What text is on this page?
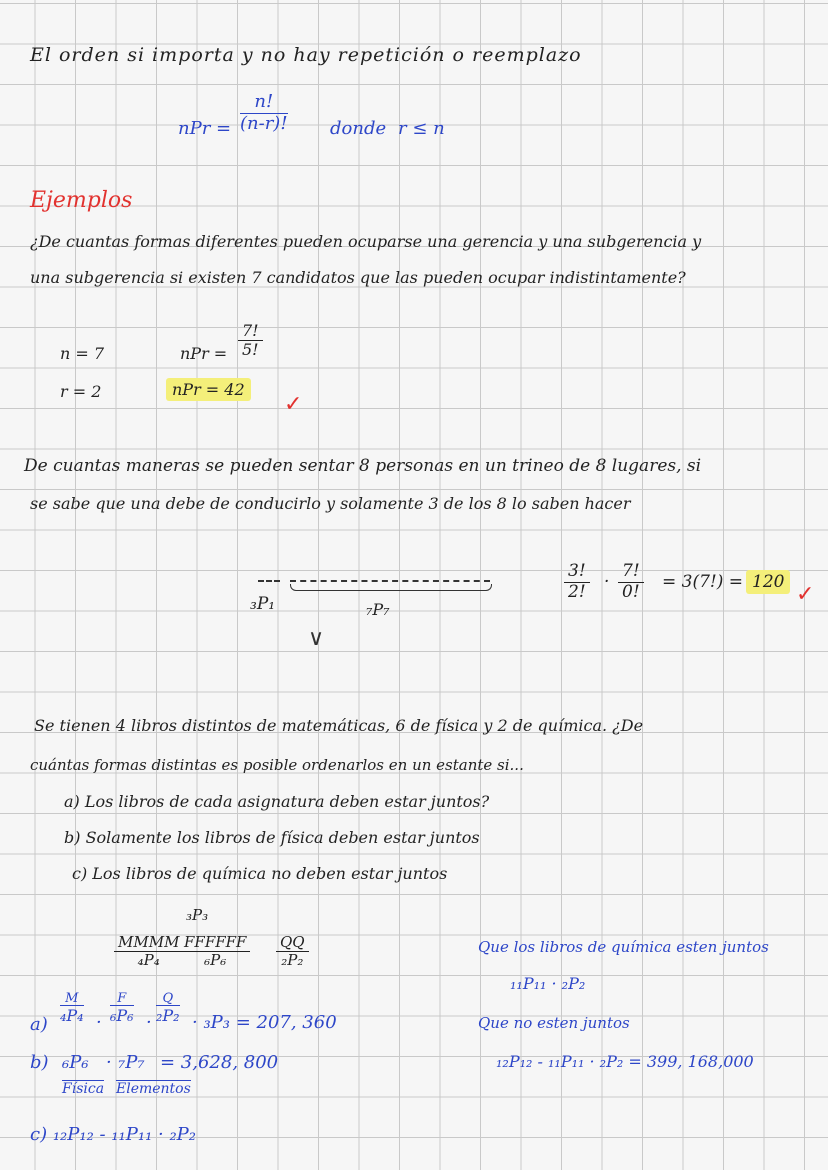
El orden si importa y no hay repetición o reemplazo
nPr = $\frac{n!}{(n-r)!}$ donde r ≤ n
Ejemplos
¿De cuantas formas diferentes pueden ocuparse una gerencia y una subgerencia y
una subgerencia si existen 7 candidatos que las pueden ocupar indistintamente?
n = 7
r = 2
nPr = $\frac{7!}{5!}$
nPr = 42
✓
De cuantas maneras se pueden sentar 8 personas en un trineo de 8 lugares, si
se sabe que una debe de conducirlo y solamente 3 de los 8 lo saben hacer
₃P₁	₇P₇
∨
$\frac{3!}{2!} \cdot \frac{7!}{0!} = 3(7!) = 120$ ✓
Se tienen 4 libros distintos de matemáticas, 6 de física y 2 de química. ¿De
cuántas formas distintas es posible ordenarlos en un estante si...
a) Los libros de cada asignatura deben estar juntos?
b) Solamente los libros de física deben estar juntos
c) Los libros de química no deben estar juntos
₃P₃
MMMM
₄P₄
FFFFFF
₆P₆	$\frac{QQ}{\text{₂P₂}}$
a)
M
₄P₄ ·
F
₆P₆ ·
Q
₂P₂ · ₃P₃ = 207, 360
b) ₆P₆ · ₇P₇ = 3,628, 800
Física Elementos
c) ₁₂P₁₂ - ₁₁P₁₁ · ₂P₂
Que los libros de química esten juntos
₁₁P₁₁ · ₂P₂
Que no esten juntos
₁₂P₁₂ - ₁₁P₁₁ · ₂P₂ = 399, 168,000
